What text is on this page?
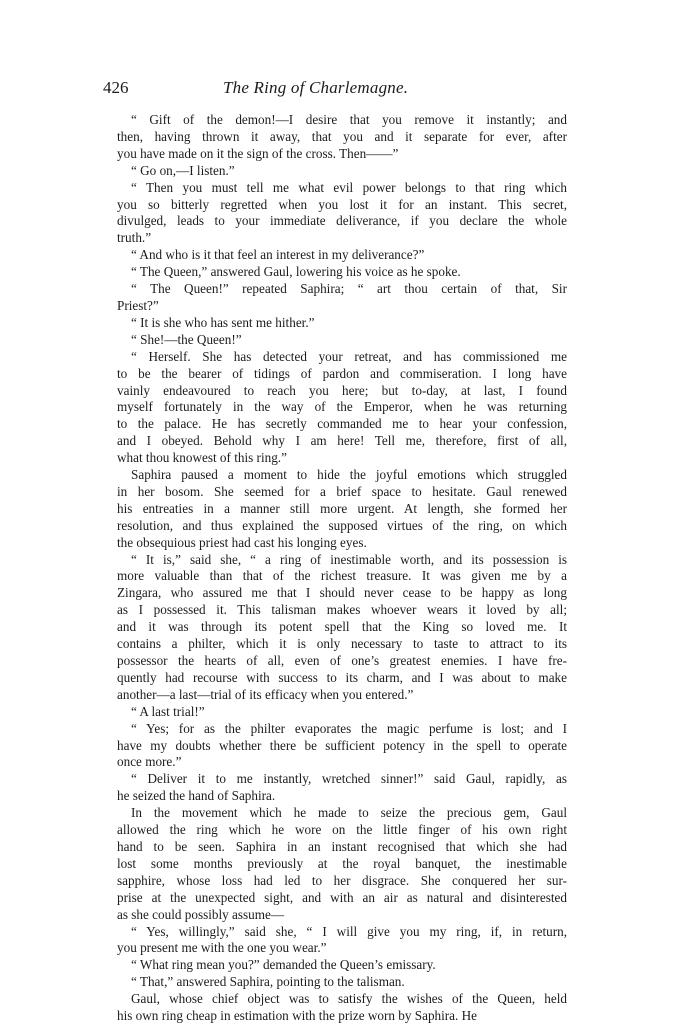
426	The Ring of Charlemagne.
“ Gift of the demon!—I desire that you remove it instantly; and
then, having thrown it away, that you and it separate for ever, after
you have made on it the sign of the cross. Then——”
“ Go on,—I listen.”
“ Then you must tell me what evil power belongs to that ring which
you so bitterly regretted when you lost it for an instant. This secret,
divulged, leads to your immediate deliverance, if you declare the whole
truth.”
“ And who is it that feel an interest in my deliverance?”
“ The Queen,” answered Gaul, lowering his voice as he spoke.
“ The Queen!” repeated Saphira; “ art thou certain of that, Sir
Priest?”
“ It is she who has sent me hither.”
“ She!—the Queen!”
“ Herself. She has detected your retreat, and has commissioned me
to be the bearer of tidings of pardon and commiseration. I long have
vainly endeavoured to reach you here; but to-day, at last, I found
myself fortunately in the way of the Emperor, when he was returning
to the palace. He has secretly commanded me to hear your confession,
and I obeyed. Behold why I am here! Tell me, therefore, first of all,
what thou knowest of this ring.”
Saphira paused a moment to hide the joyful emotions which struggled
in her bosom. She seemed for a brief space to hesitate. Gaul renewed
his entreaties in a manner still more urgent. At length, she formed her
resolution, and thus explained the supposed virtues of the ring, on which
the obsequious priest had cast his longing eyes.
“ It is,” said she, “ a ring of inestimable worth, and its possession is
more valuable than that of the richest treasure. It was given me by a
Zingara, who assured me that I should never cease to be happy as long
as I possessed it. This talisman makes whoever wears it loved by all;
and it was through its potent spell that the King so loved me. It
contains a philter, which it is only necessary to taste to attract to its
possessor the hearts of all, even of one’s greatest enemies. I have fre-
quently had recourse with success to its charm, and I was about to make
another—a last—trial of its efficacy when you entered.”
“ A last trial!”
“ Yes; for as the philter evaporates the magic perfume is lost; and I
have my doubts whether there be sufficient potency in the spell to operate
once more.”
“ Deliver it to me instantly, wretched sinner!” said Gaul, rapidly, as
he seized the hand of Saphira.
In the movement which he made to seize the precious gem, Gaul
allowed the ring which he wore on the little finger of his own right
hand to be seen. Saphira in an instant recognised that which she had
lost some months previously at the royal banquet, the inestimable
sapphire, whose loss had led to her disgrace. She conquered her sur-
prise at the unexpected sight, and with an air as natural and disinterested
as she could possibly assume—
“ Yes, willingly,” said she, “ I will give you my ring, if, in return,
you present me with the one you wear.”
“ What ring mean you?” demanded the Queen’s emissary.
“ That,” answered Saphira, pointing to the talisman.
Gaul, whose chief object was to satisfy the wishes of the Queen, held
his own ring cheap in estimation with the prize worn by Saphira. He
